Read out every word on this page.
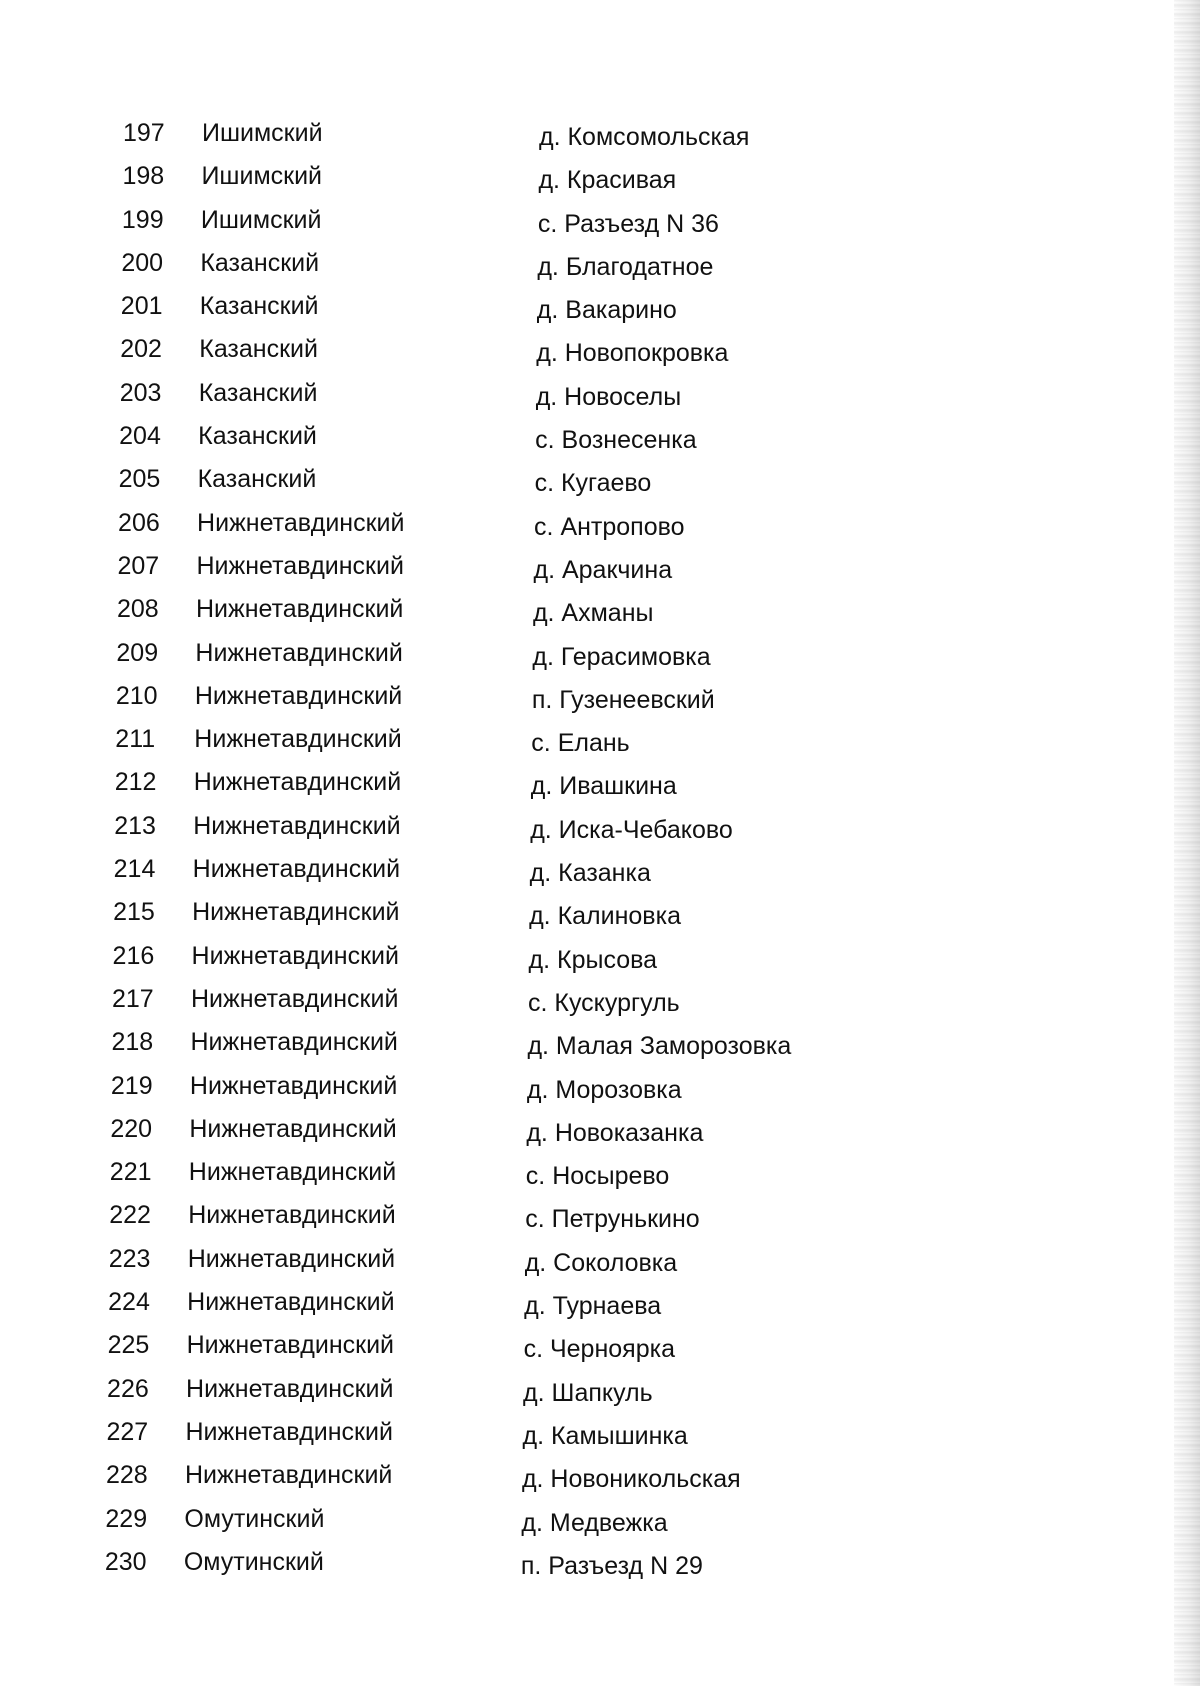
197 Ишимский	д. Комсомольская
198 Ишимский	д. Красивая
199 Ишимский	с. Разъезд N 36
200 Казанский	д. Благодатное
201 Казанский	д. Вакарино
202 Казанский	д. Новопокровка
203 Казанский	д. Новоселы
204 Казанский	с. Вознесенка
205 Казанский	с. Кугаево
206 Нижнетавдинский	с. Антропово
207 Нижнетавдинский	д. Аракчина
208 Нижнетавдинский	д. Ахманы
209 Нижнетавдинский	д. Герасимовка
210 Нижнетавдинский	п. Гузенеевский
211 Нижнетавдинский	с. Елань
212 Нижнетавдинский	д. Ивашкина
213 Нижнетавдинский	д. Иска-Чебаково
214 Нижнетавдинский	д. Казанка
215 Нижнетавдинский	д. Калиновка
216 Нижнетавдинский	д. Крысова
217 Нижнетавдинский	с. Кускургуль
218 Нижнетавдинский	д. Малая Заморозовка
219 Нижнетавдинский	д. Морозовка
220 Нижнетавдинский	д. Новоказанка
221 Нижнетавдинский	с. Носырево
222 Нижнетавдинский	с. Петрунькино
223 Нижнетавдинский	д. Соколовка
224 Нижнетавдинский	д. Турнаева
225 Нижнетавдинский	с. Черноярка
226 Нижнетавдинский	д. Шапкуль
227 Нижнетавдинский	д. Камышинка
228 Нижнетавдинский	д. Новоникольская
229 Омутинский	д. Медвежка
230 Омутинский	п. Разъезд N 29
